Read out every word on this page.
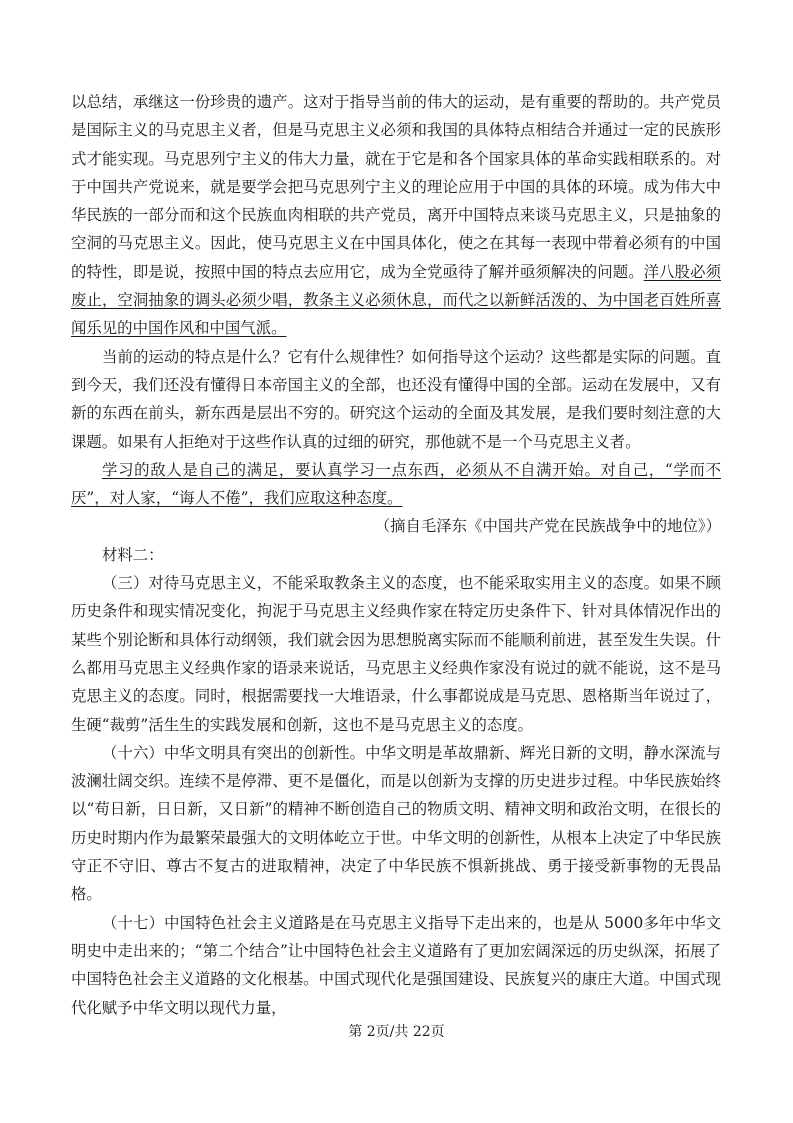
以总结，承继这一份珍贵的遗产。这对于指导当前的伟大的运动，是有重要的帮助的。共产党员是国际主义的马克思主义者，但是马克思主义必须和我国的具体特点相结合并通过一定的民族形式才能实现。马克思列宁主义的伟大力量，就在于它是和各个国家具体的革命实践相联系的。对于中国共产党说来，就是要学会把马克思列宁主义的理论应用于中国的具体的环境。成为伟大中华民族的一部分而和这个民族血肉相联的共产党员，离开中国特点来谈马克思主义，只是抽象的空洞的马克思主义。因此，使马克思主义在中国具体化，使之在其每一表现中带着必须有的中国的特性，即是说，按照中国的特点去应用它，成为全党亟待了解并亟须解决的问题。洋八股必须废止，空洞抽象的调头必须少唱，教条主义必须休息，而代之以新鲜活泼的、为中国老百姓所喜闻乐见的中国作风和中国气派。

当前的运动的特点是什么？它有什么规律性？如何指导这个运动？这些都是实际的问题。直到今天，我们还没有懂得日本帝国主义的全部，也还没有懂得中国的全部。运动在发展中，又有新的东西在前头，新东西是层出不穷的。研究这个运动的全面及其发展，是我们要时刻注意的大课题。如果有人拒绝对于这些作认真的过细的研究，那他就不是一个马克思主义者。

学习的敌人是自己的满足，要认真学习一点东西，必须从不自满开始。对自己，“学而不厌”，对人家，“诲人不倦”，我们应取这种态度。

（摘自毛泽东《中国共产党在民族战争中的地位》）

材料二：

（三）对待马克思主义，不能采取教条主义的态度，也不能采取实用主义的态度。如果不顾历史条件和现实情况变化，拘泥于马克思主义经典作家在特定历史条件下、针对具体情况作出的某些个别论断和具体行动纲领，我们就会因为思想脱离实际而不能顺利前进，甚至发生失误。什么都用马克思主义经典作家的语录来说话，马克思主义经典作家没有说过的就不能说，这不是马克思主义的态度。同时，根据需要找一大堆语录，什么事都说成是马克思、恩格斯当年说过了，生硬“裁剪”活生生的实践发展和创新，这也不是马克思主义的态度。

（十六）中华文明具有突出的创新性。中华文明是革故鼎新、辉光日新的文明，静水深流与波澜壮阔交织。连续不是停滞、更不是僵化，而是以创新为支撑的历史进步过程。中华民族始终以“苟日新，日日新，又日新”的精神不断创造自己的物质文明、精神文明和政治文明，在很长的历史时期内作为最繁荣最强大的文明体屹立于世。中华文明的创新性，从根本上决定了中华民族守正不守旧、尊古不复古的进取精神，决定了中华民族不惧新挑战、勇于接受新事物的无畏品格。

（十七）中国特色社会主义道路是在马克思主义指导下走出来的，也是从 5000多年中华文明史中走出来的；“第二个结合”让中国特色社会主义道路有了更加宏阔深远的历史纵深，拓展了中国特色社会主义道路的文化根基。中国式现代化是强国建设、民族复兴的康庄大道。中国式现代化赋予中华文明以现代力量，

第 2页/共 22页
